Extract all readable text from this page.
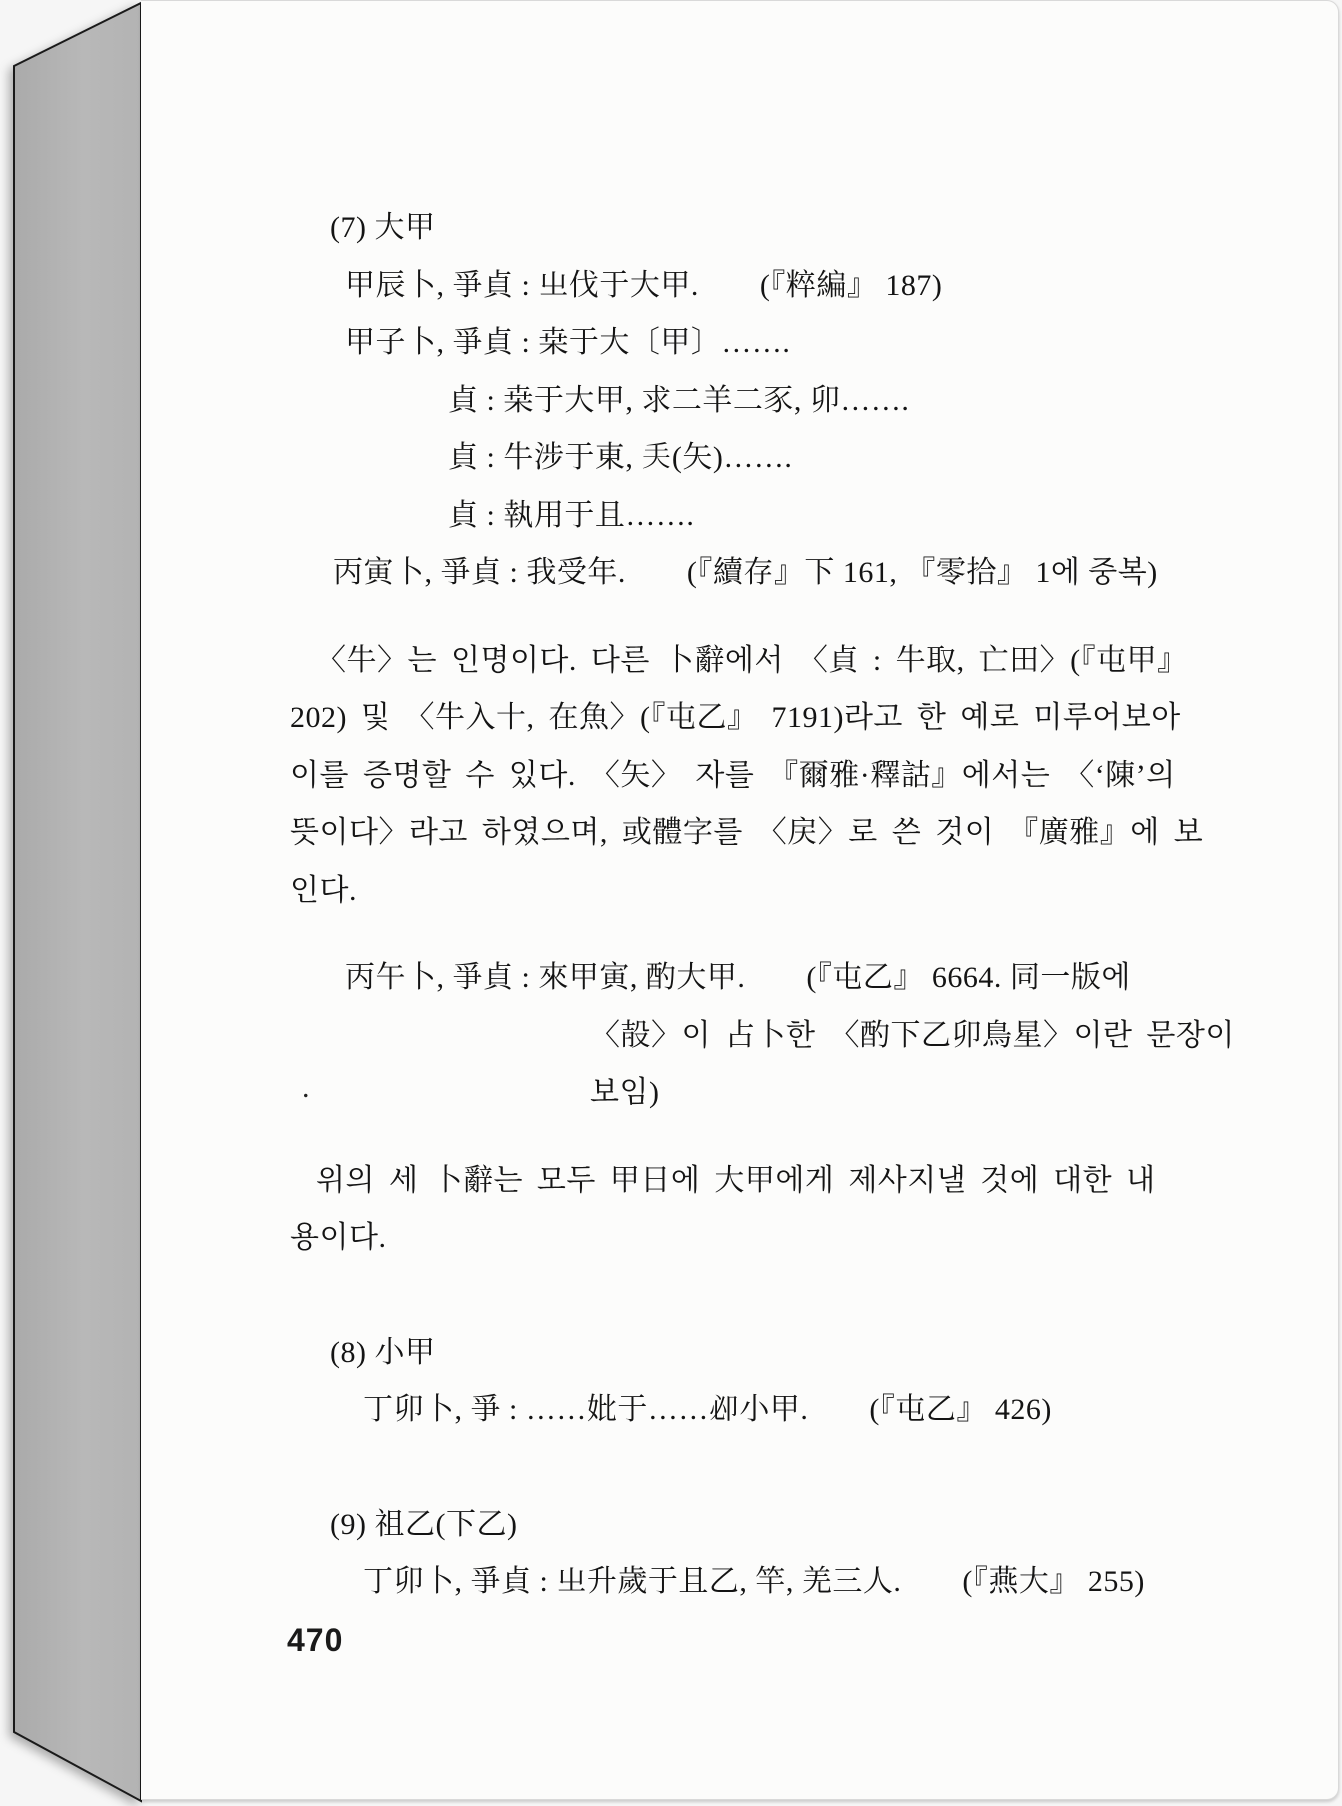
(7) 大甲
甲辰卜, 爭貞 : 㞢伐于大甲.　　(『粹編』 187)
甲子卜, 爭貞 : 桒于大〔甲〕…….
貞 : 桒于大甲, 求二羊二豕, 卯…….
貞 : 牛涉于東, 𠂕(矢)…….
貞 : 執用于且…….
丙寅卜, 爭貞 : 我受年.　　(『續存』下 161, 『零拾』 1에 중복)
〈牛〉는 인명이다. 다른 卜辭에서 〈貞 : 牛取, 亡田〉(『屯甲』
202) 및 〈牛入十, 在魚〉(『屯乙』 7191)라고 한 예로 미루어보아
이를 증명할 수 있다. 〈矢〉 자를 『爾雅·釋詁』에서는 〈‘陳’의
뜻이다〉라고 하였으며, 或體字를 〈戻〉로 쓴 것이 『廣雅』에 보
인다.
丙午卜, 爭貞 : 來甲寅, 酌大甲.　　(『屯乙』 6664. 同一版에
〈㱿〉이 占卜한 〈酌下乙卯鳥星〉이란 문장이
보임)
위의 세 卜辭는 모두 甲日에 大甲에게 제사지낼 것에 대한 내
용이다.
(8) 小甲
丁卯卜, 爭 : ……妣于……𠨘小甲.　　(『屯乙』 426)
(9) 祖乙(下乙)
丁卯卜, 爭貞 : 㞢升歲于且乙, 竿, 羌三人.　　(『燕大』 255)
470
.
